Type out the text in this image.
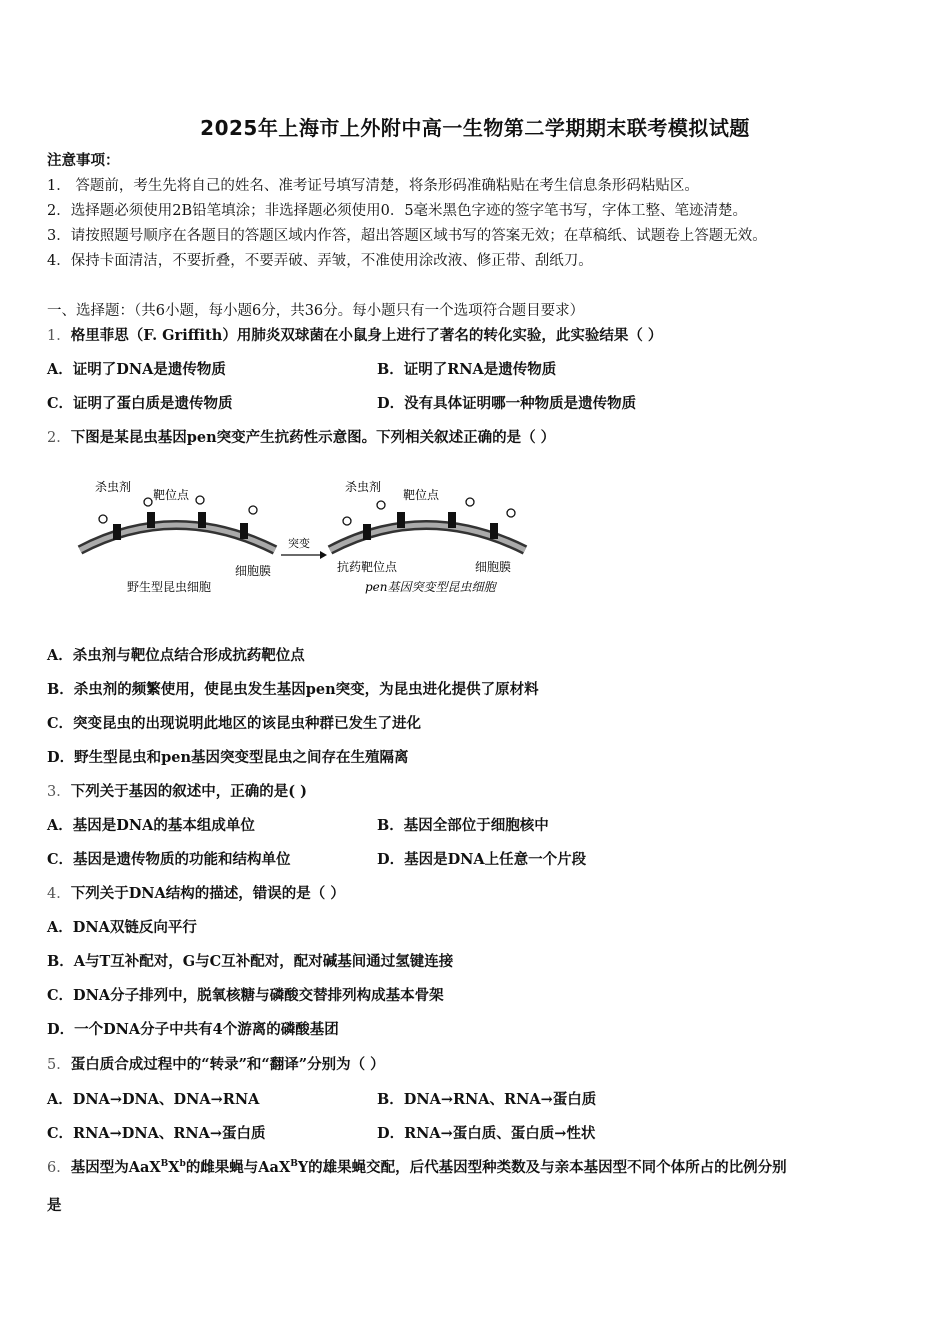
2025年上海市上外附中高一生物第二学期期末联考模拟试题
注意事项：
1． 答题前，考生先将自己的姓名、准考证号填写清楚，将条形码准确粘贴在考生信息条形码粘贴区。
2．选择题必须使用2B铅笔填涂；非选择题必须使用0．5毫米黑色字迹的签字笔书写，字体工整、笔迹清楚。
3．请按照题号顺序在各题目的答题区域内作答，超出答题区域书写的答案无效；在草稿纸、试题卷上答题无效。
4．保持卡面清洁，不要折叠，不要弄破、弄皱，不准使用涂改液、修正带、刮纸刀。
一、选择题：（共6小题，每小题6分，共36分。每小题只有一个选项符合题目要求）
1．格里菲思（F. Griffith）用肺炎双球菌在小鼠身上进行了著名的转化实验，此实验结果（ ）
A．证明了DNA是遗传物质	B．证明了RNA是遗传物质
C．证明了蛋白质是遗传物质	D．没有具体证明哪一种物质是遗传物质
2．下图是某昆虫基因pen突变产生抗药性示意图。下列相关叙述正确的是（ ）
杀虫剂
靶位点
细胞膜
野生型昆虫细胞
突变
杀虫剂
靶位点
抗药靶位点	细胞膜
pen基因突变型昆虫细胞
A．杀虫剂与靶位点结合形成抗药靶位点
B．杀虫剂的频繁使用，使昆虫发生基因pen突变，为昆虫进化提供了原材料
C．突变昆虫的出现说明此地区的该昆虫种群已发生了进化
D．野生型昆虫和pen基因突变型昆虫之间存在生殖隔离
3．下列关于基因的叙述中，正确的是( )
A．基因是DNA的基本组成单位	B．基因全部位于细胞核中
C．基因是遗传物质的功能和结构单位	D．基因是DNA上任意一个片段
4．下列关于DNA结构的描述，错误的是（ ）
A．DNA双链反向平行
B．A与T互补配对，G与C互补配对，配对碱基间通过氢键连接
C．DNA分子排列中，脱氧核糖与磷酸交替排列构成基本骨架
D．一个DNA分子中共有4个游离的磷酸基团
5．蛋白质合成过程中的“转录”和“翻译”分别为（ ）
A．DNA→DNA、DNA→RNA	B．DNA→RNA、RNA→蛋白质
C．RNA→DNA、RNA→蛋白质	D．RNA→蛋白质、蛋白质→性状
6．基因型为$AaX^BX^b$的雌果蝇与AaX$^B$Y的雄果蝇交配，后代基因型种类数及与亲本基因型不同个体所占的比例分别
是
